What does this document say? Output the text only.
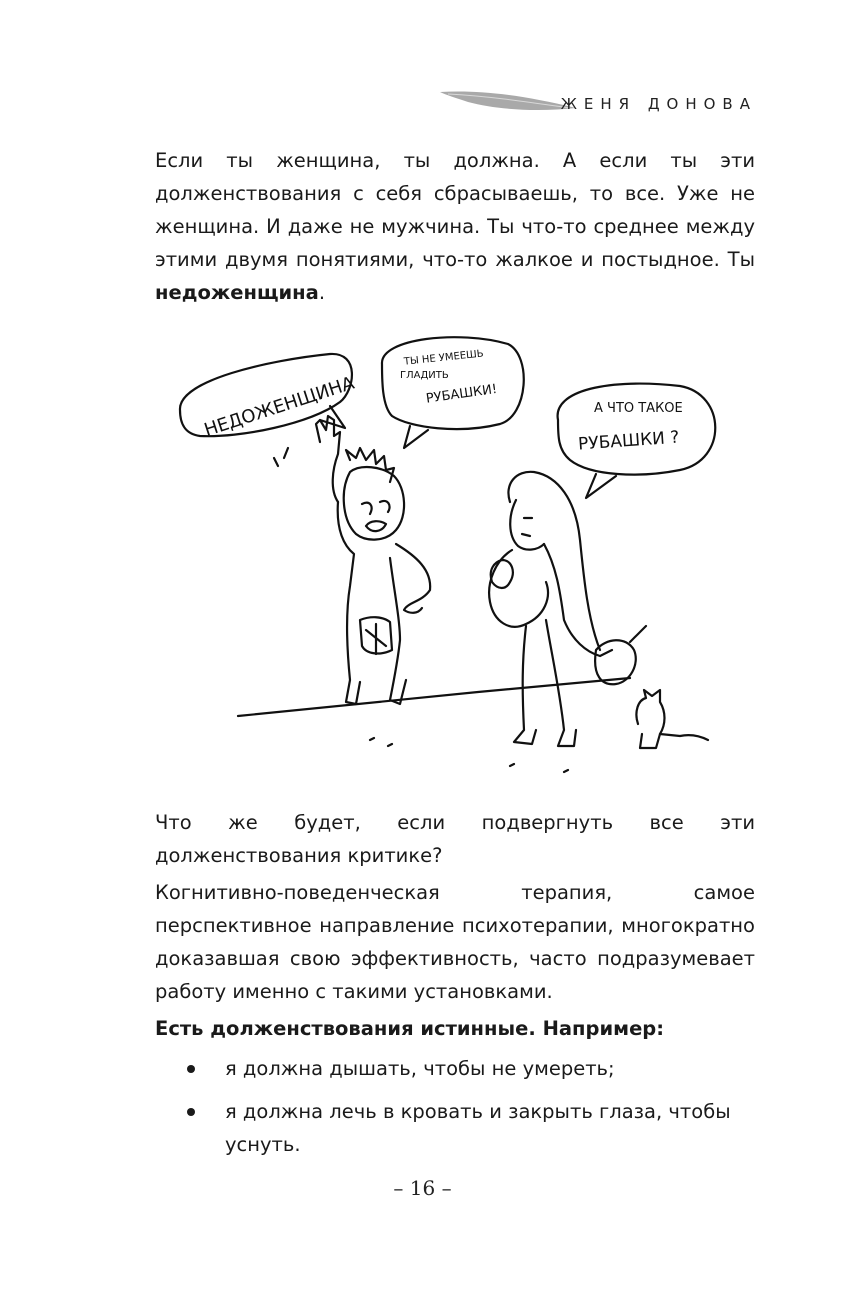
ЖЕНЯ ДОНОВА

Если ты женщина, ты должна. А если ты эти долженствования с себя сбрасываешь, то все. Уже не женщина. И даже не мужчина. Ты что-то среднее между этими двумя понятиями, что-то жалкое и постыдное. Ты недоженщина.

НЕДОЖЕНЩИНА
ТЫ НЕ УМЕЕШЬ
ГЛАДИТЬ
РУБАШКИ!
А ЧТО ТАКОЕ
РУБАШКИ ?

Что же будет, если подвергнуть все эти долженствования критике?

Когнитивно-поведенческая терапия, самое перспективное направление психотерапии, многократно доказавшая свою эффективность, часто подразумевает работу именно с такими установками.

Есть долженствования истинные. Например:

я должна дышать, чтобы не умереть;
я должна лечь в кровать и закрыть глаза, чтобы уснуть.
– 16 –
